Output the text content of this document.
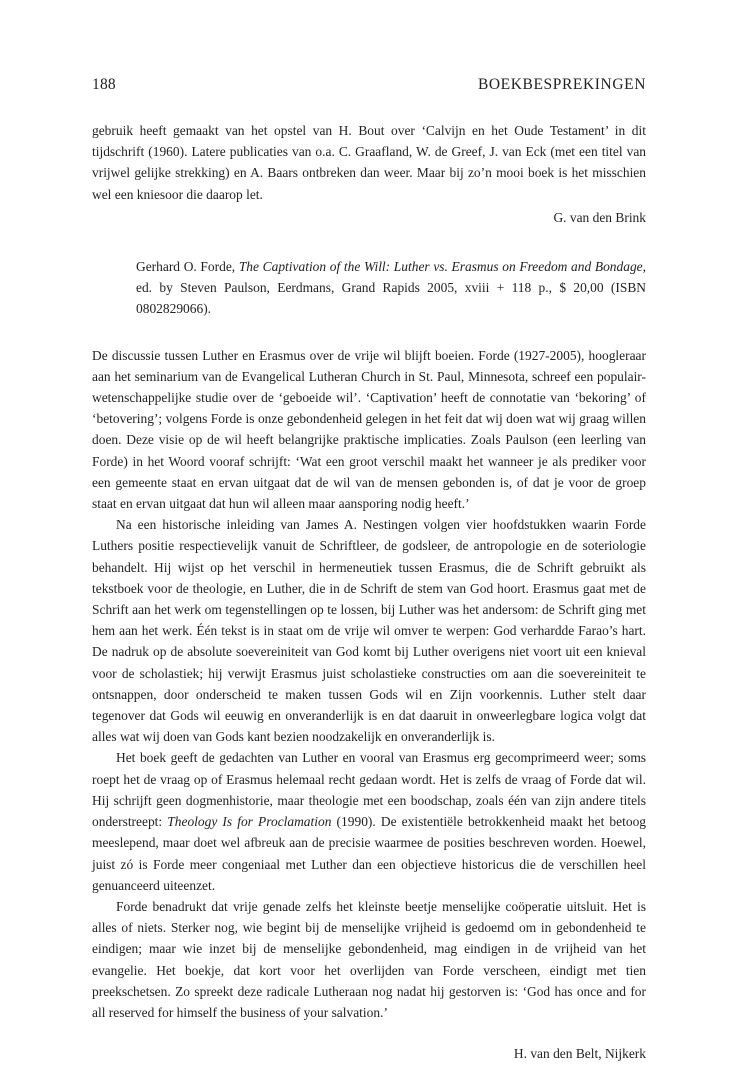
188	BOEKBESPREKINGEN

gebruik heeft gemaakt van het opstel van H. Bout over ‘Calvijn en het Oude Testament’ in dit tijdschrift (1960). Latere publicaties van o.a. C. Graafland, W. de Greef, J. van Eck (met een titel van vrijwel gelijke strekking) en A. Baars ontbreken dan weer. Maar bij zo’n mooi boek is het misschien wel een kniesoor die daarop let.

G. van den Brink
Gerhard O. Forde, The Captivation of the Will: Luther vs. Erasmus on Freedom and Bondage, ed. by Steven Paulson, Eerdmans, Grand Rapids 2005, xviii + 118 p., $ 20,00 (ISBN 0802829066).

De discussie tussen Luther en Erasmus over de vrije wil blijft boeien. Forde (1927-2005), hoogleraar aan het seminarium van de Evangelical Lutheran Church in St. Paul, Minnesota, schreef een populair-wetenschappelijke studie over de ‘geboeide wil’. ‘Captivation’ heeft de connotatie van ‘bekoring’ of ‘betovering’; volgens Forde is onze gebondenheid gelegen in het feit dat wij doen wat wij graag willen doen. Deze visie op de wil heeft belangrijke praktische implicaties. Zoals Paulson (een leerling van Forde) in het Woord vooraf schrijft: ‘Wat een groot verschil maakt het wanneer je als prediker voor een gemeente staat en ervan uitgaat dat de wil van de mensen gebonden is, of dat je voor de groep staat en ervan uitgaat dat hun wil alleen maar aansporing nodig heeft.’

Na een historische inleiding van James A. Nestingen volgen vier hoofdstukken waarin Forde Luthers positie respectievelijk vanuit de Schriftleer, de godsleer, de antropologie en de soteriologie behandelt. Hij wijst op het verschil in hermeneutiek tussen Erasmus, die de Schrift gebruikt als tekstboek voor de theologie, en Luther, die in de Schrift de stem van God hoort. Erasmus gaat met de Schrift aan het werk om tegenstellingen op te lossen, bij Luther was het andersom: de Schrift ging met hem aan het werk. Één tekst is in staat om de vrije wil omver te werpen: God verhardde Farao’s hart. De nadruk op de absolute soevereiniteit van God komt bij Luther overigens niet voort uit een knieval voor de scholastiek; hij verwijt Erasmus juist scholastieke constructies om aan die soevereiniteit te ontsnappen, door onderscheid te maken tussen Gods wil en Zijn voorkennis. Luther stelt daar tegenover dat Gods wil eeuwig en onveranderlijk is en dat daaruit in onweerlegbare logica volgt dat alles wat wij doen van Gods kant bezien noodzakelijk en onveranderlijk is.

Het boek geeft de gedachten van Luther en vooral van Erasmus erg gecomprimeerd weer; soms roept het de vraag op of Erasmus helemaal recht gedaan wordt. Het is zelfs de vraag of Forde dat wil. Hij schrijft geen dogmenhistorie, maar theologie met een boodschap, zoals één van zijn andere titels onderstreept: Theology Is for Proclamation (1990). De existentiële betrokkenheid maakt het betoog meeslepend, maar doet wel afbreuk aan de precisie waarmee de posities beschreven worden. Hoewel, juist zó is Forde meer congeniaal met Luther dan een objectieve historicus die de verschillen heel genuanceerd uiteenzet.

Forde benadrukt dat vrije genade zelfs het kleinste beetje menselijke coöperatie uitsluit. Het is alles of niets. Sterker nog, wie begint bij de menselijke vrijheid is gedoemd om in gebondenheid te eindigen; maar wie inzet bij de menselijke gebondenheid, mag eindigen in de vrijheid van het evangelie. Het boekje, dat kort voor het overlijden van Forde verscheen, eindigt met tien preekschetsen. Zo spreekt deze radicale Lutheraan nog nadat hij gestorven is: ‘God has once and for all reserved for himself the business of your salvation.’

H. van den Belt, Nijkerk
